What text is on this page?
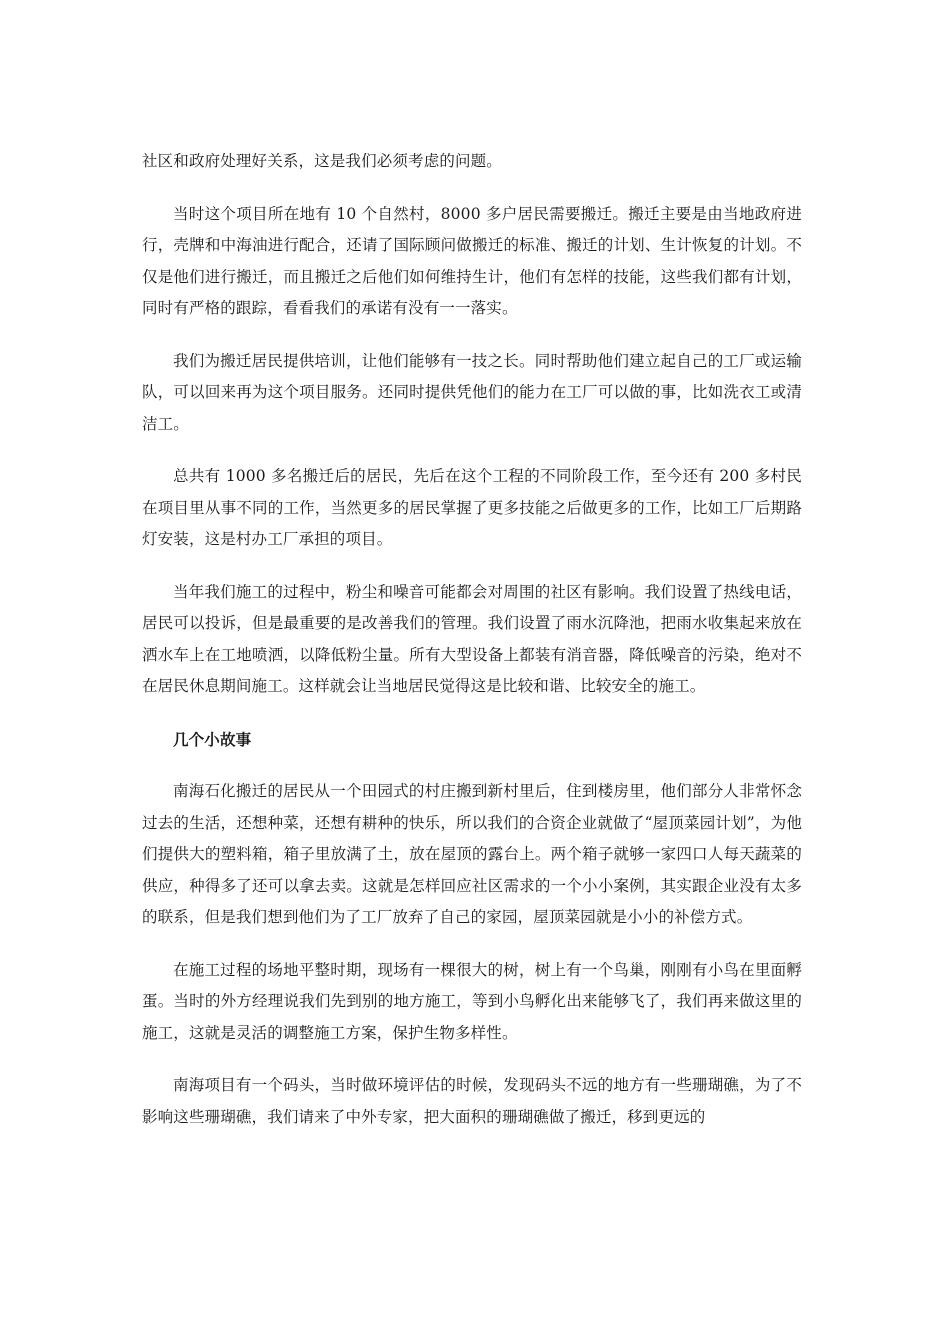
社区和政府处理好关系，这是我们必须考虑的问题。

当时这个项目所在地有 10 个自然村，8000 多户居民需要搬迁。搬迁主要是由当地政府进行，壳牌和中海油进行配合，还请了国际顾问做搬迁的标准、搬迁的计划、生计恢复的计划。不仅是他们进行搬迁，而且搬迁之后他们如何维持生计，他们有怎样的技能，这些我们都有计划，同时有严格的跟踪，看看我们的承诺有没有一一落实。

我们为搬迁居民提供培训，让他们能够有一技之长。同时帮助他们建立起自己的工厂或运输队，可以回来再为这个项目服务。还同时提供凭他们的能力在工厂可以做的事，比如洗衣工或清洁工。

总共有 1000 多名搬迁后的居民，先后在这个工程的不同阶段工作，至今还有 200 多村民在项目里从事不同的工作，当然更多的居民掌握了更多技能之后做更多的工作，比如工厂后期路灯安装，这是村办工厂承担的项目。

当年我们施工的过程中，粉尘和噪音可能都会对周围的社区有影响。我们设置了热线电话，居民可以投诉，但是最重要的是改善我们的管理。我们设置了雨水沉降池，把雨水收集起来放在洒水车上在工地喷洒，以降低粉尘量。所有大型设备上都装有消音器，降低噪音的污染，绝对不在居民休息期间施工。这样就会让当地居民觉得这是比较和谐、比较安全的施工。

几个小故事

南海石化搬迁的居民从一个田园式的村庄搬到新村里后，住到楼房里，他们部分人非常怀念过去的生活，还想种菜，还想有耕种的快乐，所以我们的合资企业就做了“屋顶菜园计划”，为他们提供大的塑料箱，箱子里放满了土，放在屋顶的露台上。两个箱子就够一家四口人每天蔬菜的供应，种得多了还可以拿去卖。这就是怎样回应社区需求的一个小小案例，其实跟企业没有太多的联系，但是我们想到他们为了工厂放弃了自己的家园，屋顶菜园就是小小的补偿方式。

在施工过程的场地平整时期，现场有一棵很大的树，树上有一个鸟巢，刚刚有小鸟在里面孵蛋。当时的外方经理说我们先到别的地方施工，等到小鸟孵化出来能够飞了，我们再来做这里的施工，这就是灵活的调整施工方案，保护生物多样性。

南海项目有一个码头，当时做环境评估的时候，发现码头不远的地方有一些珊瑚礁，为了不影响这些珊瑚礁，我们请来了中外专家，把大面积的珊瑚礁做了搬迁，移到更远的
